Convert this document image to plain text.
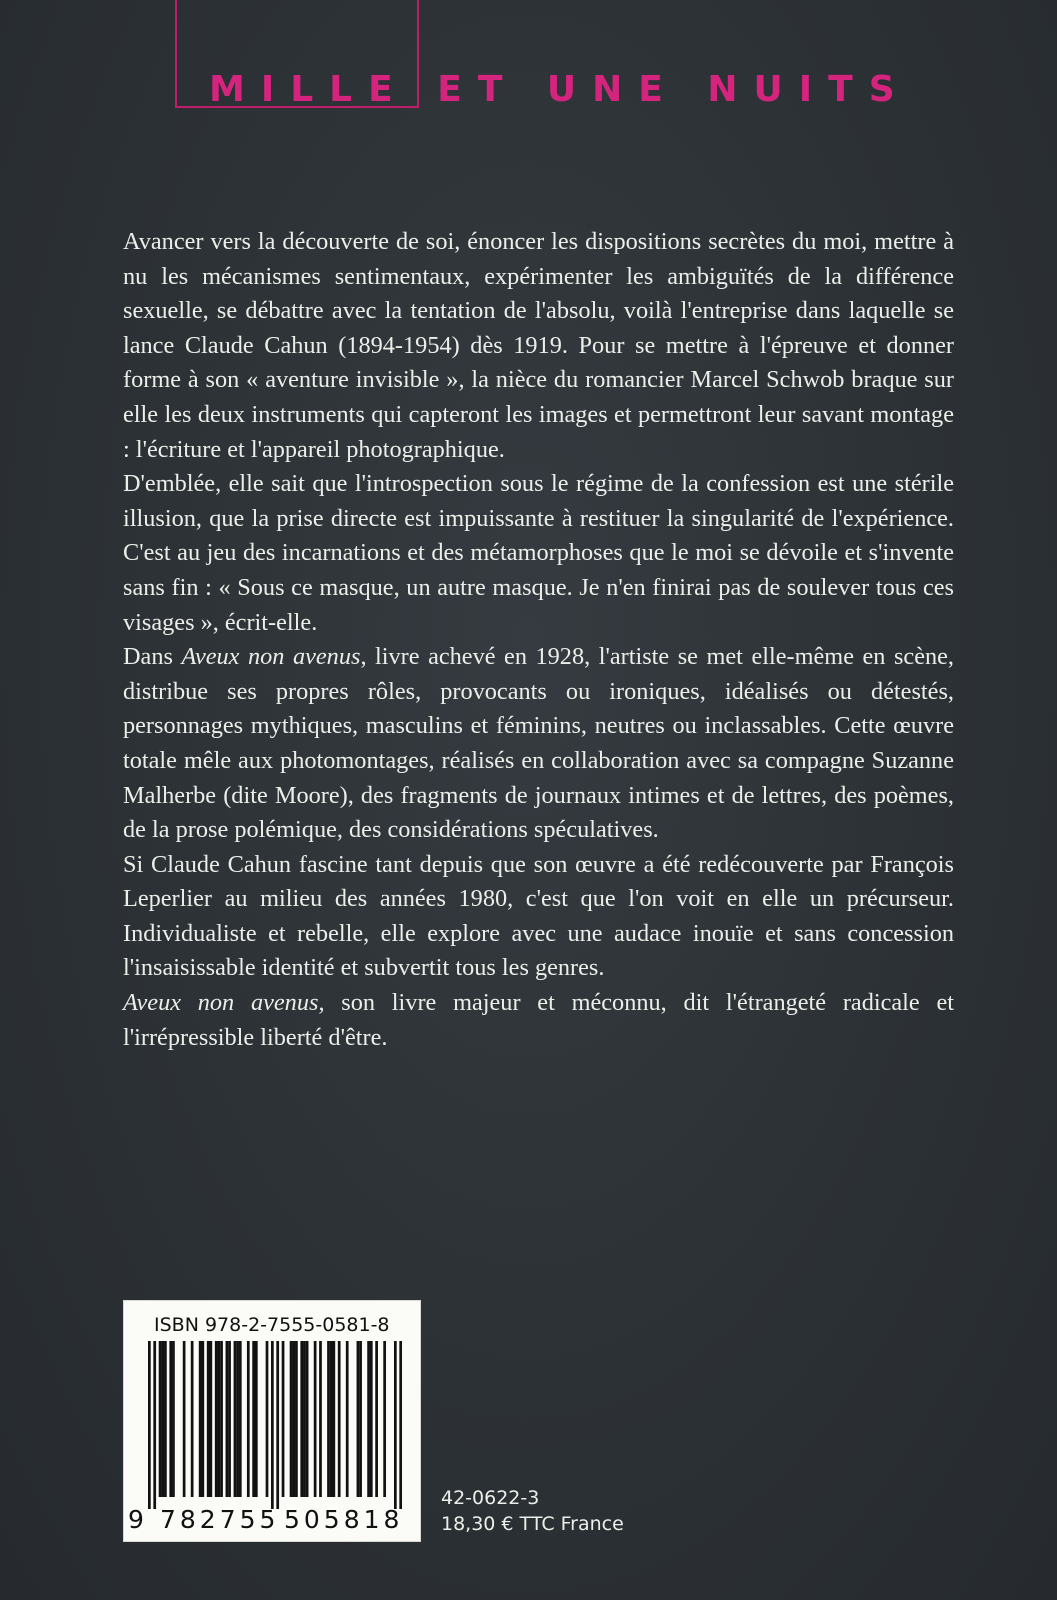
MILLE ET UNE NUITS

Avancer vers la découverte de soi, énoncer les dispositions secrètes du moi, mettre à nu les mécanismes sentimentaux, expérimenter les ambiguïtés de la différence sexuelle, se débattre avec la tentation de l'absolu, voilà l'entreprise dans laquelle se lance Claude Cahun (1894-1954) dès 1919. Pour se mettre à l'épreuve et donner forme à son « aventure invisible », la nièce du romancier Marcel Schwob braque sur elle les deux instruments qui capteront les images et permettront leur savant montage : l'écriture et l'appareil photographique.

D'emblée, elle sait que l'introspection sous le régime de la confession est une stérile illusion, que la prise directe est impuissante à restituer la singularité de l'expérience. C'est au jeu des incarnations et des métamorphoses que le moi se dévoile et s'invente sans fin : « Sous ce masque, un autre masque. Je n'en finirai pas de soulever tous ces visages », écrit-elle.

Dans Aveux non avenus, livre achevé en 1928, l'artiste se met elle-même en scène, distribue ses propres rôles, provocants ou ironiques, idéalisés ou détestés, personnages mythiques, masculins et féminins, neutres ou inclassables. Cette œuvre totale mêle aux photomontages, réalisés en collaboration avec sa compagne Suzanne Malherbe (dite Moore), des fragments de journaux intimes et de lettres, des poèmes, de la prose polémique, des considérations spéculatives.

Si Claude Cahun fascine tant depuis que son œuvre a été redécouverte par François Leperlier au milieu des années 1980, c'est que l'on voit en elle un précurseur. Individualiste et rebelle, elle explore avec une audace inouïe et sans concession l'insaisissable identité et subvertit tous les genres.

Aveux non avenus, son livre majeur et méconnu, dit l'étrangeté radicale et l'irrépressible liberté d'être.

ISBN 978-2-7555-0581-8

9 782755 505818

42-0622-3

18,30 € TTC France
